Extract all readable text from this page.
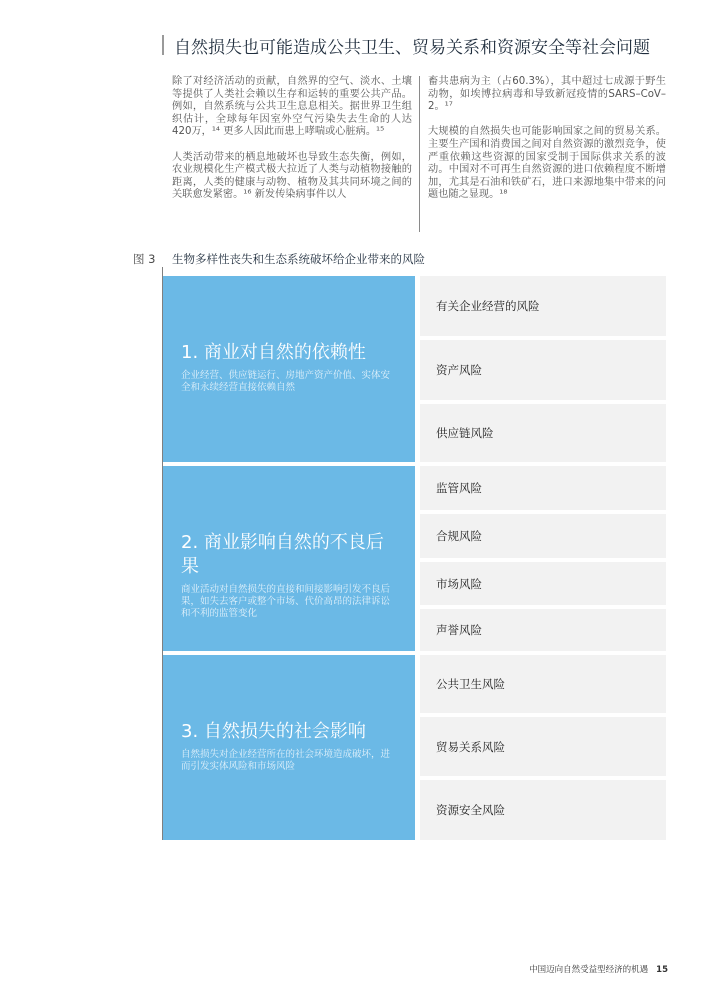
自然损失也可能造成公共卫生、贸易关系和资源安全等社会问题

除了对经济活动的贡献，自然界的空气、淡水、土壤等提供了人类社会赖以生存和运转的重要公共产品。例如，自然系统与公共卫生息息相关。据世界卫生组织估计，全球每年因室外空气污染失去生命的人达420万，¹⁴ 更多人因此而患上哮喘或心脏病。¹⁵

人类活动带来的栖息地破坏也导致生态失衡，例如，农业规模化生产模式极大拉近了人类与动植物接触的距离，人类的健康与动物、植物及其共同环境之间的关联愈发紧密。¹⁶ 新发传染病事件以人

畜共患病为主（占60.3%），其中超过七成源于野生动物，如埃博拉病毒和导致新冠疫情的SARS–CoV–2。¹⁷

大规模的自然损失也可能影响国家之间的贸易关系。主要生产国和消费国之间对自然资源的激烈竞争，使严重依赖这些资源的国家受制于国际供求关系的波动。中国对不可再生自然资源的进口依赖程度不断增加，尤其是石油和铁矿石，进口来源地集中带来的问题也随之显现。¹⁸

图 3 生物多样性丧失和生态系统破坏给企业带来的风险
1. 商业对自然的依赖性
企业经营、供应链运行、房地产资产价值、实体安全和永续经营直接依赖自然
有关企业经营的风险
资产风险
供应链风险
2. 商业影响自然的不良后果
商业活动对自然损失的直接和间接影响引发不良后果，如失去客户或整个市场、代价高昂的法律诉讼和不利的监管变化
监管风险
合规风险
市场风险
声誉风险
3. 自然损失的社会影响
自然损失对企业经营所在的社会环境造成破坏，进而引发实体风险和市场风险
公共卫生风险
贸易关系风险
资源安全风险
中国迈向自然受益型经济的机遇 15
